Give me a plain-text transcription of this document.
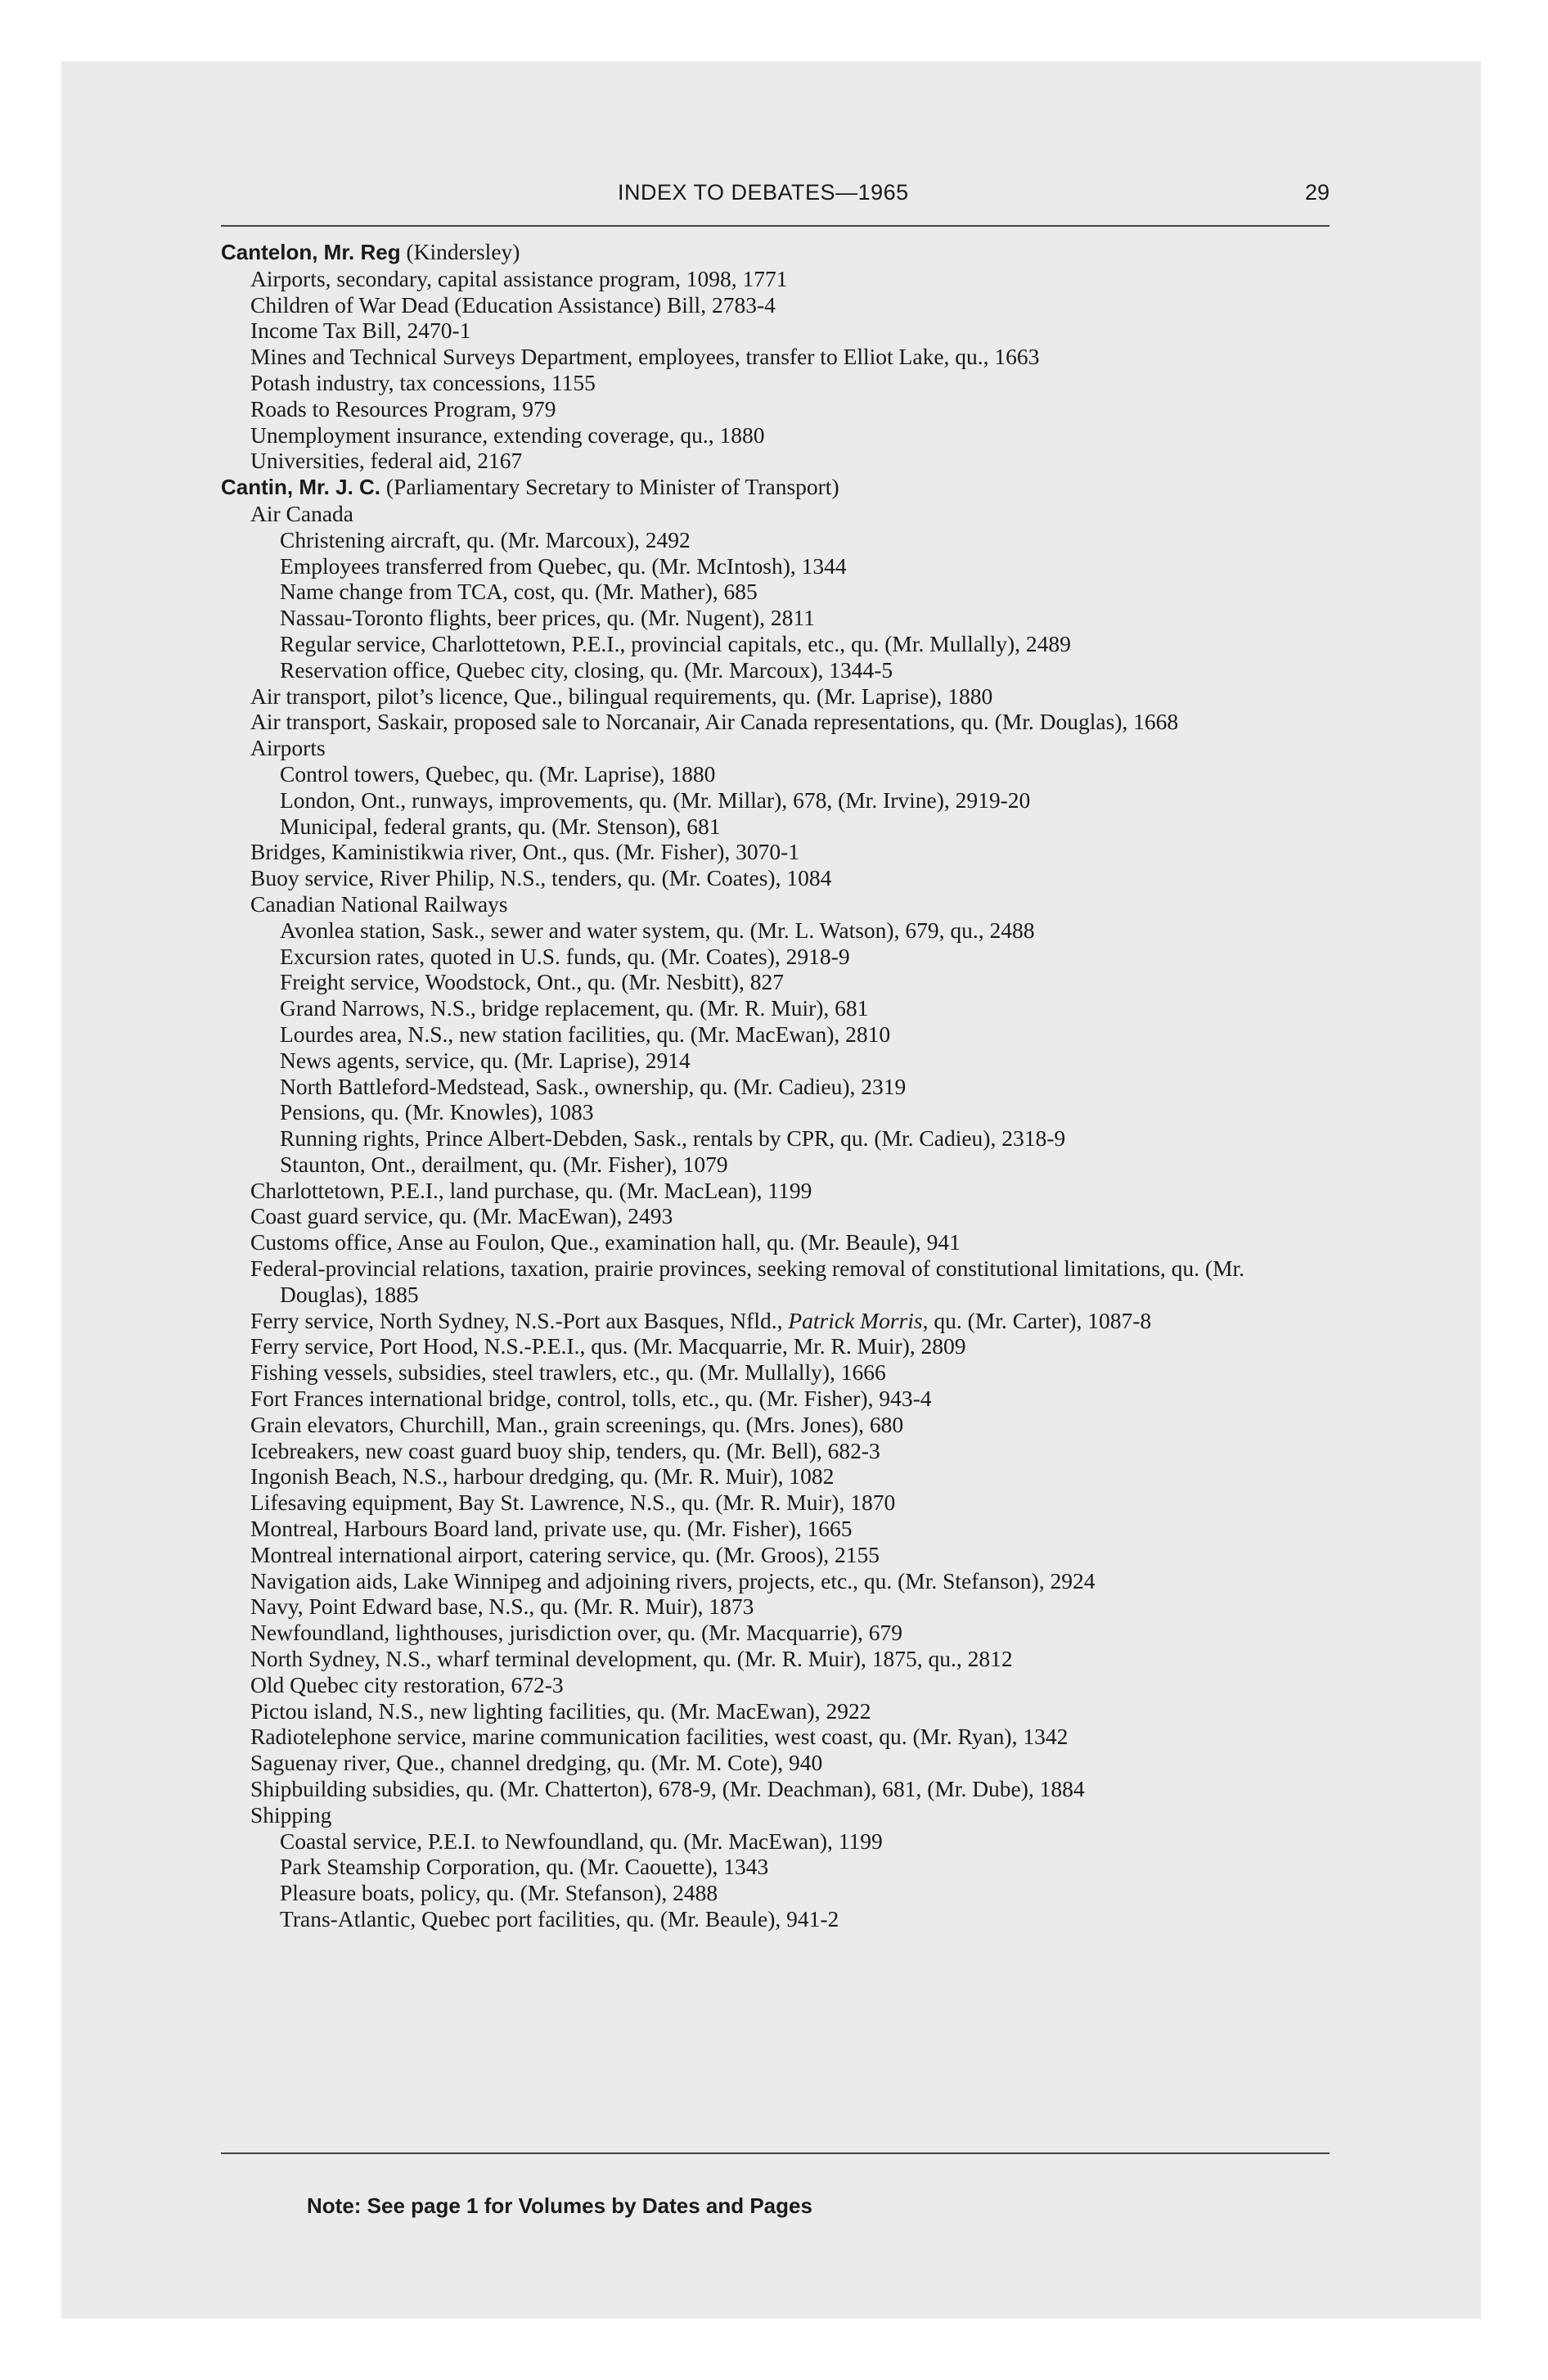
INDEX TO DEBATES—1965	29
Cantelon, Mr. Reg (Kindersley)
Airports, secondary, capital assistance program, 1098, 1771
Children of War Dead (Education Assistance) Bill, 2783-4
Income Tax Bill, 2470-1
Mines and Technical Surveys Department, employees, transfer to Elliot Lake, qu., 1663
Potash industry, tax concessions, 1155
Roads to Resources Program, 979
Unemployment insurance, extending coverage, qu., 1880
Universities, federal aid, 2167
Cantin, Mr. J. C. (Parliamentary Secretary to Minister of Transport)
Air Canada
Christening aircraft, qu. (Mr. Marcoux), 2492
Employees transferred from Quebec, qu. (Mr. McIntosh), 1344
Name change from TCA, cost, qu. (Mr. Mather), 685
Nassau-Toronto flights, beer prices, qu. (Mr. Nugent), 2811
Regular service, Charlottetown, P.E.I., provincial capitals, etc., qu. (Mr. Mullally), 2489
Reservation office, Quebec city, closing, qu. (Mr. Marcoux), 1344-5
Air transport, pilot’s licence, Que., bilingual requirements, qu. (Mr. Laprise), 1880
Air transport, Saskair, proposed sale to Norcanair, Air Canada representations, qu. (Mr. Douglas), 1668
Airports
Control towers, Quebec, qu. (Mr. Laprise), 1880
London, Ont., runways, improvements, qu. (Mr. Millar), 678, (Mr. Irvine), 2919-20
Municipal, federal grants, qu. (Mr. Stenson), 681
Bridges, Kaministikwia river, Ont., qus. (Mr. Fisher), 3070-1
Buoy service, River Philip, N.S., tenders, qu. (Mr. Coates), 1084
Canadian National Railways
Avonlea station, Sask., sewer and water system, qu. (Mr. L. Watson), 679, qu., 2488
Excursion rates, quoted in U.S. funds, qu. (Mr. Coates), 2918-9
Freight service, Woodstock, Ont., qu. (Mr. Nesbitt), 827
Grand Narrows, N.S., bridge replacement, qu. (Mr. R. Muir), 681
Lourdes area, N.S., new station facilities, qu. (Mr. MacEwan), 2810
News agents, service, qu. (Mr. Laprise), 2914
North Battleford-Medstead, Sask., ownership, qu. (Mr. Cadieu), 2319
Pensions, qu. (Mr. Knowles), 1083
Running rights, Prince Albert-Debden, Sask., rentals by CPR, qu. (Mr. Cadieu), 2318-9
Staunton, Ont., derailment, qu. (Mr. Fisher), 1079
Charlottetown, P.E.I., land purchase, qu. (Mr. MacLean), 1199
Coast guard service, qu. (Mr. MacEwan), 2493
Customs office, Anse au Foulon, Que., examination hall, qu. (Mr. Beaule), 941
Federal-provincial relations, taxation, prairie provinces, seeking removal of constitutional limitations, qu. (Mr. Douglas), 1885
Ferry service, North Sydney, N.S.-Port aux Basques, Nfld., Patrick Morris, qu. (Mr. Carter), 1087-8
Ferry service, Port Hood, N.S.-P.E.I., qus. (Mr. Macquarrie, Mr. R. Muir), 2809
Fishing vessels, subsidies, steel trawlers, etc., qu. (Mr. Mullally), 1666
Fort Frances international bridge, control, tolls, etc., qu. (Mr. Fisher), 943-4
Grain elevators, Churchill, Man., grain screenings, qu. (Mrs. Jones), 680
Icebreakers, new coast guard buoy ship, tenders, qu. (Mr. Bell), 682-3
Ingonish Beach, N.S., harbour dredging, qu. (Mr. R. Muir), 1082
Lifesaving equipment, Bay St. Lawrence, N.S., qu. (Mr. R. Muir), 1870
Montreal, Harbours Board land, private use, qu. (Mr. Fisher), 1665
Montreal international airport, catering service, qu. (Mr. Groos), 2155
Navigation aids, Lake Winnipeg and adjoining rivers, projects, etc., qu. (Mr. Stefanson), 2924
Navy, Point Edward base, N.S., qu. (Mr. R. Muir), 1873
Newfoundland, lighthouses, jurisdiction over, qu. (Mr. Macquarrie), 679
North Sydney, N.S., wharf terminal development, qu. (Mr. R. Muir), 1875, qu., 2812
Old Quebec city restoration, 672-3
Pictou island, N.S., new lighting facilities, qu. (Mr. MacEwan), 2922
Radiotelephone service, marine communication facilities, west coast, qu. (Mr. Ryan), 1342
Saguenay river, Que., channel dredging, qu. (Mr. M. Cote), 940
Shipbuilding subsidies, qu. (Mr. Chatterton), 678-9, (Mr. Deachman), 681, (Mr. Dube), 1884
Shipping
Coastal service, P.E.I. to Newfoundland, qu. (Mr. MacEwan), 1199
Park Steamship Corporation, qu. (Mr. Caouette), 1343
Pleasure boats, policy, qu. (Mr. Stefanson), 2488
Trans-Atlantic, Quebec port facilities, qu. (Mr. Beaule), 941-2
Note: See page 1 for Volumes by Dates and Pages
